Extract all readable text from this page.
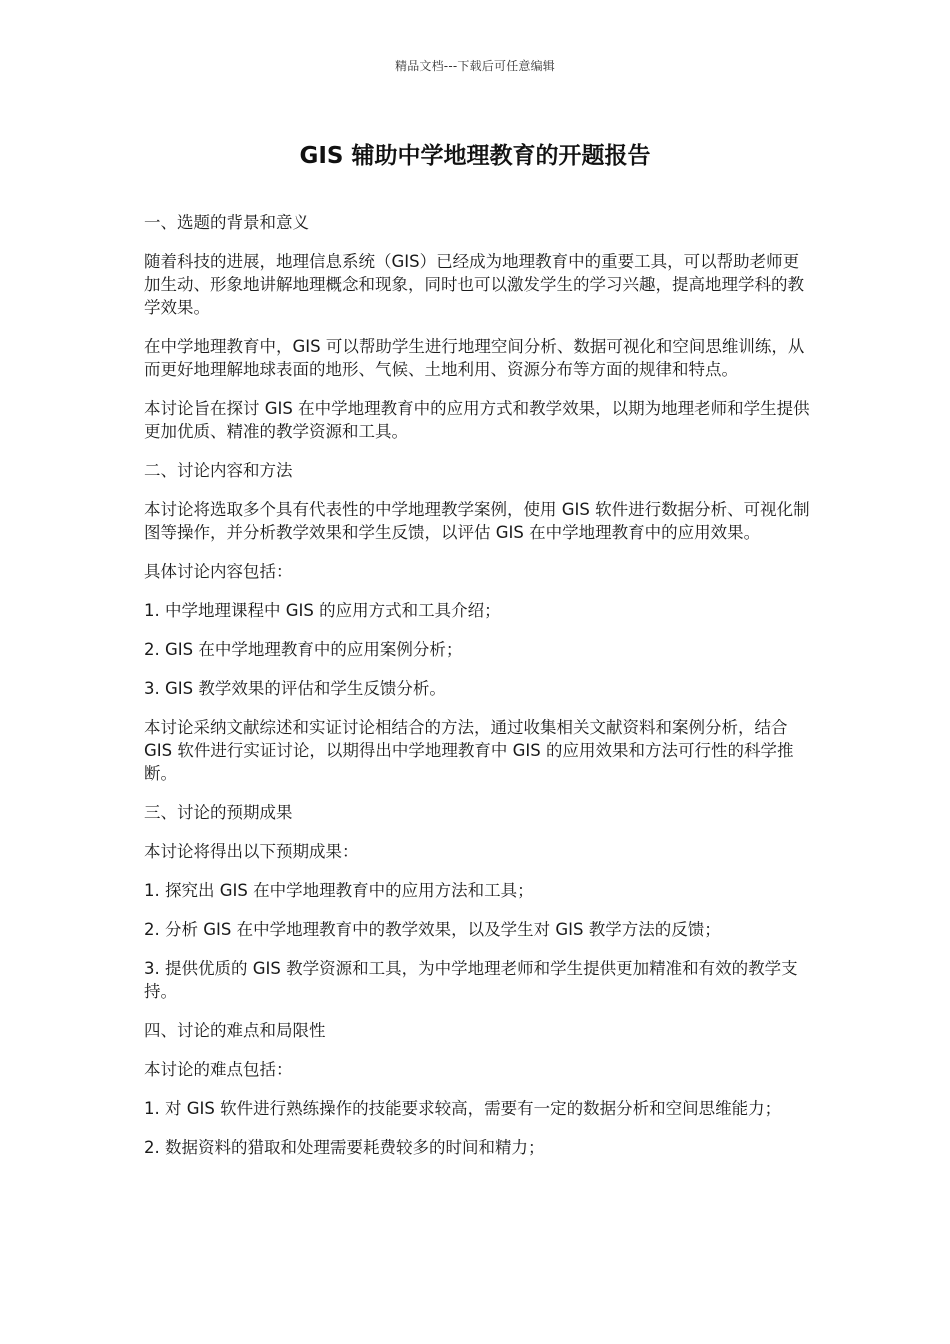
精品文档---下载后可任意编辑
GIS 辅助中学地理教育的开题报告

一、选题的背景和意义

随着科技的进展，地理信息系统（GIS）已经成为地理教育中的重要工具，可以帮助老师更加生动、形象地讲解地理概念和现象，同时也可以激发学生的学习兴趣，提高地理学科的教学效果。

在中学地理教育中，GIS 可以帮助学生进行地理空间分析、数据可视化和空间思维训练，从而更好地理解地球表面的地形、气候、土地利用、资源分布等方面的规律和特点。

本讨论旨在探讨 GIS 在中学地理教育中的应用方式和教学效果，以期为地理老师和学生提供更加优质、精准的教学资源和工具。

二、讨论内容和方法

本讨论将选取多个具有代表性的中学地理教学案例，使用 GIS 软件进行数据分析、可视化制图等操作，并分析教学效果和学生反馈，以评估 GIS 在中学地理教育中的应用效果。

具体讨论内容包括：

1. 中学地理课程中 GIS 的应用方式和工具介绍；

2. GIS 在中学地理教育中的应用案例分析；

3. GIS 教学效果的评估和学生反馈分析。

本讨论采纳文献综述和实证讨论相结合的方法，通过收集相关文献资料和案例分析，结合 GIS 软件进行实证讨论，以期得出中学地理教育中 GIS 的应用效果和方法可行性的科学推断。

三、讨论的预期成果

本讨论将得出以下预期成果：

1. 探究出 GIS 在中学地理教育中的应用方法和工具；

2. 分析 GIS 在中学地理教育中的教学效果，以及学生对 GIS 教学方法的反馈；

3. 提供优质的 GIS 教学资源和工具，为中学地理老师和学生提供更加精准和有效的教学支持。

四、讨论的难点和局限性

本讨论的难点包括：

1. 对 GIS 软件进行熟练操作的技能要求较高，需要有一定的数据分析和空间思维能力；

2. 数据资料的猎取和处理需要耗费较多的时间和精力；
